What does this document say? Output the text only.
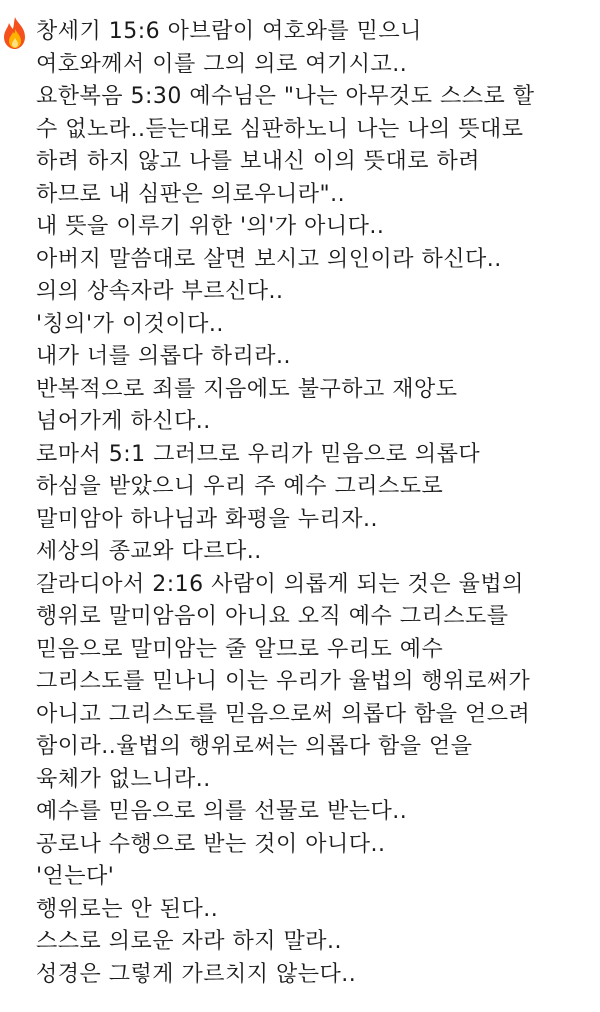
창세기 15:6 아브람이 여호와를 믿으니
여호와께서 이를 그의 의로 여기시고..
요한복음 5:30 예수님은 "나는 아무것도 스스로 할
수 없노라..듣는대로 심판하노니 나는 나의 뜻대로
하려 하지 않고 나를 보내신 이의 뜻대로 하려
하므로 내 심판은 의로우니라"..
내 뜻을 이루기 위한 '의'가 아니다..
아버지 말씀대로 살면 보시고 의인이라 하신다..
의의 상속자라 부르신다..
'칭의'가 이것이다..
내가 너를 의롭다 하리라..
반복적으로 죄를 지음에도 불구하고 재앙도
넘어가게 하신다..
로마서 5:1 그러므로 우리가 믿음으로 의롭다
하심을 받았으니 우리 주 예수 그리스도로
말미암아 하나님과 화평을 누리자..
세상의 종교와 다르다..
갈라디아서 2:16 사람이 의롭게 되는 것은 율법의
행위로 말미암음이 아니요 오직 예수 그리스도를
믿음으로 말미암는 줄 알므로 우리도 예수
그리스도를 믿나니 이는 우리가 율법의 행위로써가
아니고 그리스도를 믿음으로써 의롭다 함을 얻으려
함이라..율법의 행위로써는 의롭다 함을 얻을
육체가 없느니라..
예수를 믿음으로 의를 선물로 받는다..
공로나 수행으로 받는 것이 아니다..
'얻는다'
행위로는 안 된다..
스스로 의로운 자라 하지 말라..
성경은 그렇게 가르치지 않는다..
